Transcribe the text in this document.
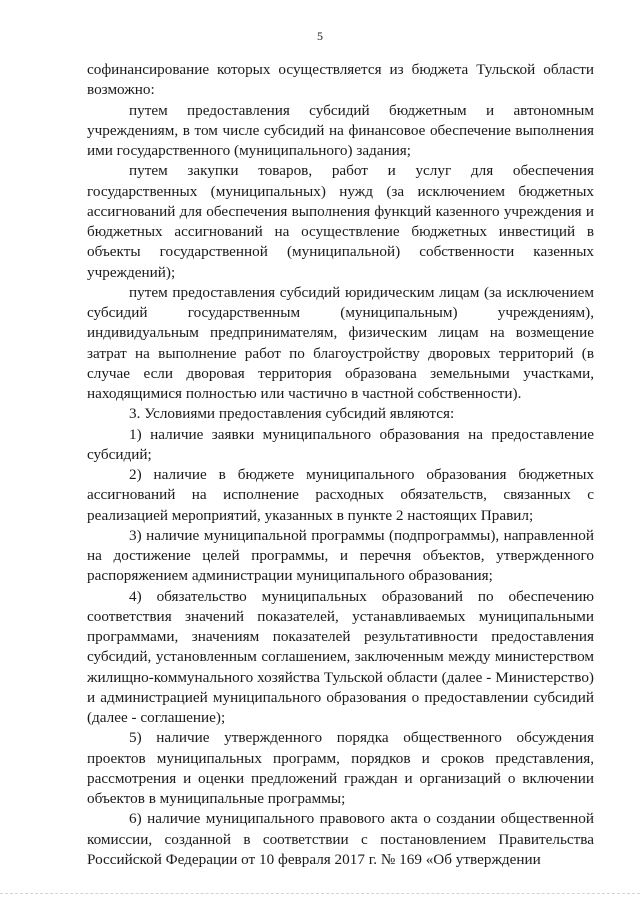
5

софинансирование которых осуществляется из бюджета Тульской области возможно:

путем предоставления субсидий бюджетным и автономным учреждениям, в том числе субсидий на финансовое обеспечение выполнения ими государственного (муниципального) задания;

путем закупки товаров, работ и услуг для обеспечения государственных (муниципальных) нужд (за исключением бюджетных ассигнований для обеспечения выполнения функций казенного учреждения и бюджетных ассигнований на осуществление бюджетных инвестиций в объекты государственной (муниципальной) собственности казенных учреждений);

путем предоставления субсидий юридическим лицам (за исключением субсидий государственным (муниципальным) учреждениям), индивидуальным предпринимателям, физическим лицам на возмещение затрат на выполнение работ по благоустройству дворовых территорий (в случае если дворовая территория образована земельными участками, находящимися полностью или частично в частной собственности).

3. Условиями предоставления субсидий являются:

1) наличие заявки муниципального образования на предоставление субсидий;

2) наличие в бюджете муниципального образования бюджетных ассигнований на исполнение расходных обязательств, связанных с реализацией мероприятий, указанных в пункте 2 настоящих Правил;

3) наличие муниципальной программы (подпрограммы), направленной на достижение целей программы, и перечня объектов, утвержденного распоряжением администрации муниципального образования;

4) обязательство муниципальных образований по обеспечению соответствия значений показателей, устанавливаемых муниципальными программами, значениям показателей результативности предоставления субсидий, установленным соглашением, заключенным между министерством жилищно-коммунального хозяйства Тульской области (далее - Министерство) и администрацией муниципального образования о предоставлении субсидий (далее - соглашение);

5) наличие утвержденного порядка общественного обсуждения проектов муниципальных программ, порядков и сроков представления, рассмотрения и оценки предложений граждан и организаций о включении объектов в муниципальные программы;

6) наличие муниципального правового акта о создании общественной комиссии, созданной в соответствии с постановлением Правительства Российской Федерации от 10 февраля 2017 г. № 169 «Об утверждении
